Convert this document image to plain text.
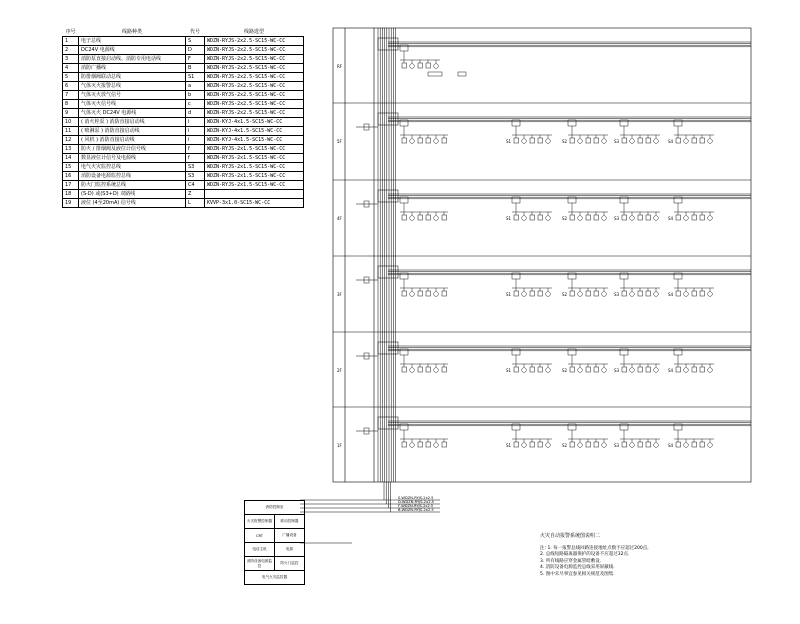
序号	线路种类	代号	线路选型
1	电子总线	S	WDZN-RYJS-2x2.5-SC15-WC-CC
2	DC24V 电源线	D	WDZN-RYJS-2x2.5-SC15-WC-CC
3	消防泵直接启动线、消防专用电话线	F	WDZN-RYJS-2x2.5-SC15-WC-CC
4	消防广播线	B	WDZN-RYJS-2x2.5-SC15-WC-CC
5	防排烟阀联动总线	S1	WDZN-RYJS-2x2.5-SC15-WC-CC
6	气体灭火报警总线	a	WDZN-RYJS-2x2.5-SC15-WC-CC
7	气体灭火放气信号	b	WDZN-RYJS-2x2.5-SC15-WC-CC
8	气体灭火信号线	c	WDZN-RYJS-2x2.5-SC15-WC-CC
9	气体灭火 DC24V 电源线	d	WDZN-RYJS-2x2.5-SC15-WC-CC
10	( 消火栓泵 ) 消防直接启动线	i	WDZN-KYJ-4x1.5-SC15-WC-CC
11	( 喷淋泵 ) 消防直接启动线	i	WDZN-KYJ-4x1.5-SC15-WC-CC
12	( 风机 ) 消防直接启动线	i	WDZN-KYJ-4x1.5-SC15-WC-CC
13	防火 / 排烟阀及液位计信号线	f	WDZN-RYJS-2x1.5-SC15-WC-CC
14	数显液位计信号及电源线	f	WDZN-RYJS-2x1.5-SC15-WC-CC
15	电气火灾监控总线	S3	WDZN-RYJS-2x1.5-SC15-WC-CC
16	消防设备电源监控总线	S3	WDZN-RYJS-2x1.5-SC15-WC-CC
17	防火门监控系统总线	C4	WDZN-RYJS-2x1.5-SC15-WC-CC
18	(S-D) 或(S3+D) 双路线	Z	
19	液位 (4至20mA) 信号线	L	KVVP-3x1.0-SC15-WC-CC
RF
5F	S1	S2	S3	S4
4F	S1	S2	S3	S4
3F	S1	S2	S3	S4
2F	S1	S2	S3	S4
1F	S1	S2	S3	S4
S-WDZN-RYJS-2x2.5
D-WDZN-RYJS-2x2.5
F-WDZN-RYJS-2x2.5
B-WDZN-RYJS-2x2.5
消防控制室	
火灾报警控制器	联动控制器
CRT	广播设备
电话主机	电源
消防设备电源监控	防火门监控
电气火灾监控器	
火灾自动报警系统图说明二
注: 1. 每一报警总线回路连接地址点数不应超过200点,
2. 总线短路隔离器保护的设备不应超过32点.
3. 所有线路应穿金属管暗敷设.
4. 消防设备电源监控总线采用屏蔽线.
5. 图中未尽事宜参见相关规范及图集.
